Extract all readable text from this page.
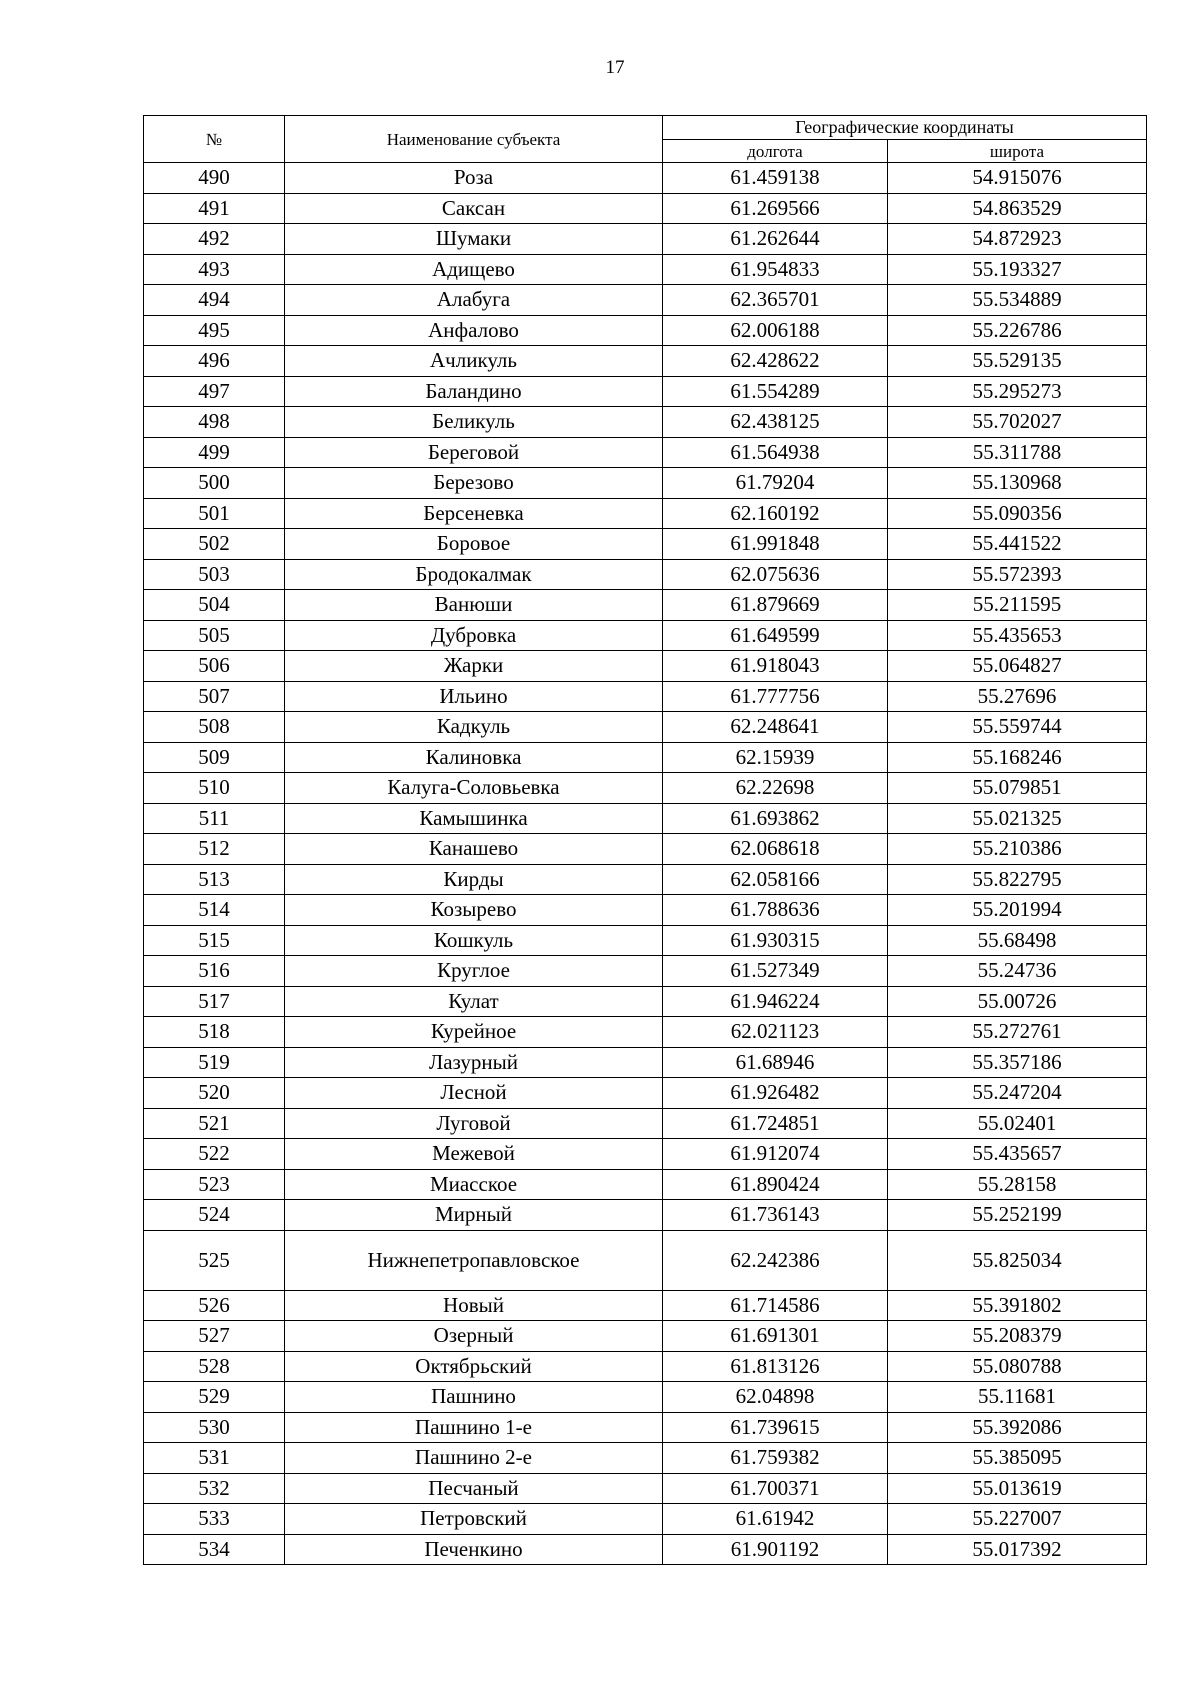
17
№	Наименование субъекта	Географические координаты	
		долгота	широта
490	Роза	61.459138	54.915076
491	Саксан	61.269566	54.863529
492	Шумаки	61.262644	54.872923
493	Адищево	61.954833	55.193327
494	Алабуга	62.365701	55.534889
495	Анфалово	62.006188	55.226786
496	Ачликуль	62.428622	55.529135
497	Баландино	61.554289	55.295273
498	Беликуль	62.438125	55.702027
499	Береговой	61.564938	55.311788
500	Березово	61.79204	55.130968
501	Берсеневка	62.160192	55.090356
502	Боровое	61.991848	55.441522
503	Бродокалмак	62.075636	55.572393
504	Ванюши	61.879669	55.211595
505	Дубровка	61.649599	55.435653
506	Жарки	61.918043	55.064827
507	Ильино	61.777756	55.27696
508	Кадкуль	62.248641	55.559744
509	Калиновка	62.15939	55.168246
510	Калуга-Соловьевка	62.22698	55.079851
511	Камышинка	61.693862	55.021325
512	Канашево	62.068618	55.210386
513	Кирды	62.058166	55.822795
514	Козырево	61.788636	55.201994
515	Кошкуль	61.930315	55.68498
516	Круглое	61.527349	55.24736
517	Кулат	61.946224	55.00726
518	Курейное	62.021123	55.272761
519	Лазурный	61.68946	55.357186
520	Лесной	61.926482	55.247204
521	Луговой	61.724851	55.02401
522	Межевой	61.912074	55.435657
523	Миасское	61.890424	55.28158
524	Мирный	61.736143	55.252199
525	Нижнепетропавловское	62.242386	55.825034
526	Новый	61.714586	55.391802
527	Озерный	61.691301	55.208379
528	Октябрьский	61.813126	55.080788
529	Пашнино	62.04898	55.11681
530	Пашнино 1-е	61.739615	55.392086
531	Пашнино 2-е	61.759382	55.385095
532	Песчаный	61.700371	55.013619
533	Петровский	61.61942	55.227007
534	Печенкино	61.901192	55.017392
